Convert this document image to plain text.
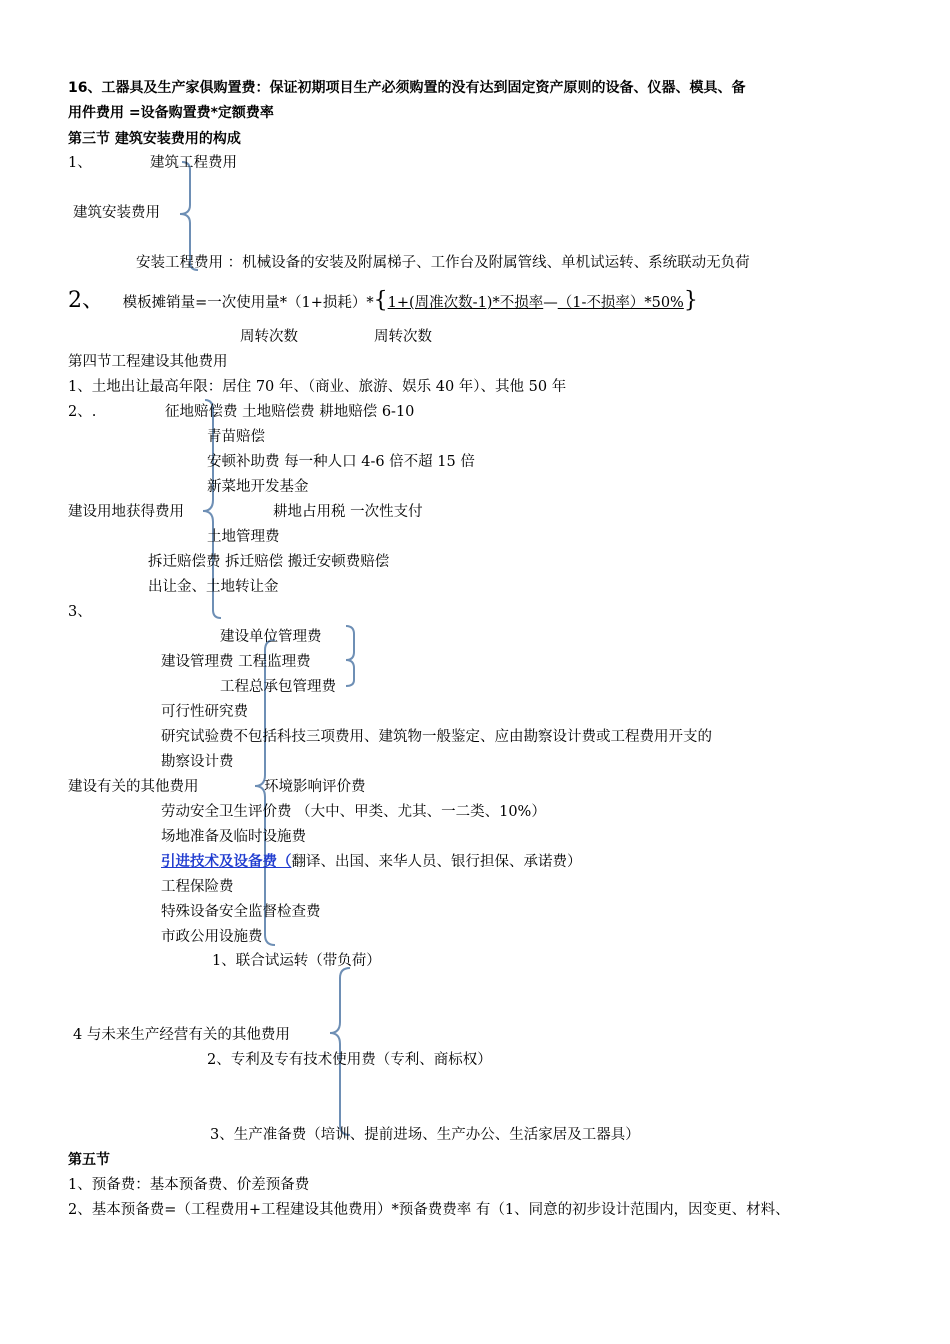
16、工器具及生产家俱购置费：保证初期项目生产必须购置的没有达到固定资产原则的设备、仪器、模具、备
用件费用 =设备购置费*定额费率
第三节 建筑安装费用的构成
1、	建筑工程费用
建筑安装费用
安装工程费用 ：机械设备的安装及附属梯子、工作台及附属管线、单机试运转、系统联动无负荷
2、 模板摊销量=一次使用量*（1+损耗）*{1+(周准次数-1)*不损率—（1-不损率）*50%}
周转次数	周转次数
第四节工程建设其他费用
1、土地出让最高年限：居住 70 年、（商业、旅游、娱乐 40 年）、其他 50 年
2、.	征地赔偿费 土地赔偿费 耕地赔偿 6-10
青苗赔偿
安顿补助费 每一种人口 4-6 倍不超 15 倍
新菜地开发基金
建设用地获得费用	耕地占用税 一次性支付
土地管理费
拆迁赔偿费 拆迁赔偿 搬迁安顿费赔偿
出让金、土地转让金
3、
建设单位管理费
建设管理费 工程监理费
工程总承包管理费
可行性研究费
研究试验费不包括科技三项费用、建筑物一般鉴定、应由勘察设计费或工程费用开支的
勘察设计费
建设有关的其他费用	环境影响评价费
劳动安全卫生评价费 （大中、甲类、尤其、一二类、10%）
场地准备及临时设施费
引进技术及设备费（翻译、出国、来华人员、银行担保、承诺费）
工程保险费
特殊设备安全监督检查费
市政公用设施费
1、联合试运转（带负荷）
4 与未来生产经营有关的其他费用
2、专利及专有技术使用费（专利、商标权）
3、生产准备费（培训、提前进场、生产办公、生活家居及工器具）
第五节
1、预备费：基本预备费、价差预备费
2、基本预备费=（工程费用+工程建设其他费用）*预备费费率 有（1、同意的初步设计范围内，因变更、材料、
